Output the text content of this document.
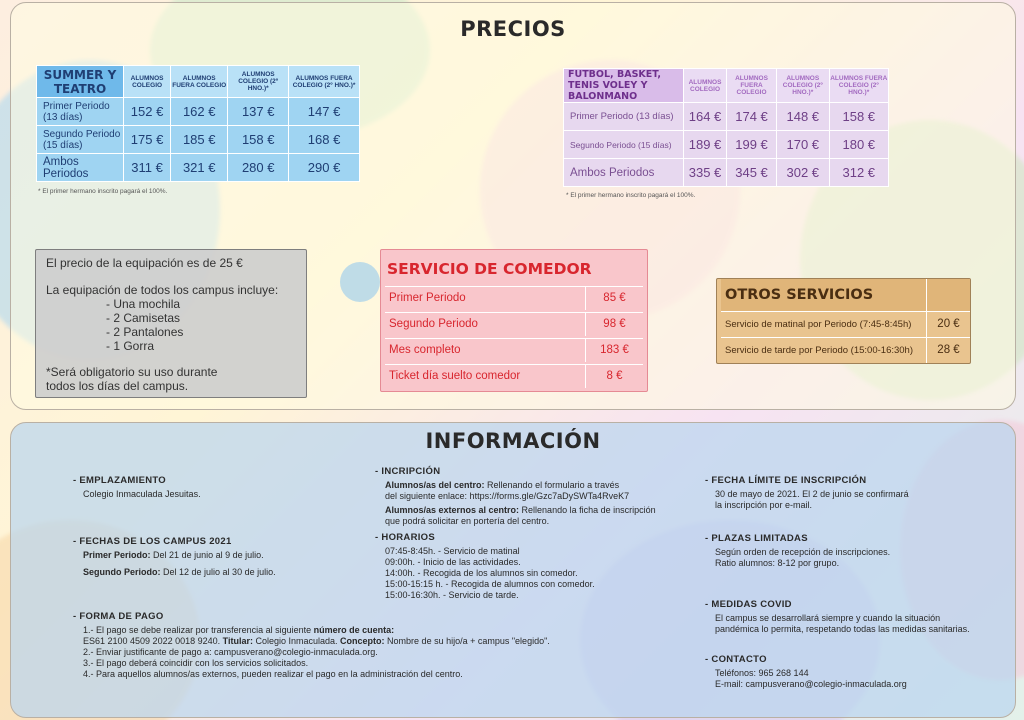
PRECIOS
SUMMER Y TEATRO	ALUMNOS COLEGIO	ALUMNOS FUERA COLEGIO	ALUMNOS COLEGIO (2º HNO.)*	ALUMNOS FUERA COLEGIO (2º HNO.)*
Primer Periodo (13 días)	152 €	162 €	137 €	147 €
Segundo Periodo (15 días)	175 €	185 €	158 €	168 €
Ambos Periodos	311 €	321 €	280 €	290 €
* El primer hermano inscrito pagará el 100%.
FUTBOL, BASKET, TENIS VOLEY Y BALONMANO	ALUMNOS COLEGIO	ALUMNOS FUERA COLEGIO	ALUMNOS COLEGIO (2º HNO.)*	ALUMNOS FUERA COLEGIO (2º HNO.)*
Primer Periodo (13 días)	164 €	174 €	148 €	158 €
Segundo Periodo (15 días)	189 €	199 €	170 €	180 €
Ambos Periodos	335 €	345 €	302 €	312 €
* El primer hermano inscrito pagará el 100%.

El precio de la equipación es de 25 €

La equipación de todos los campus incluye:

- Una mochila

- 2 Camisetas

- 2 Pantalones

- 1 Gorra

*Será obligatorio su uso durante

todos los días del campus.

SERVICIO DE COMEDOR
Primer Periodo	85 €
Segundo Periodo	98 €
Mes completo	183 €
Ticket día suelto comedor	8 €
OTROS SERVICIOS
Servicio de matinal por Periodo (7:45-8:45h)	20 €
Servicio de tarde por Periodo (15:00-16:30h)	28 €
INFORMACIÓN

- EMPLAZAMIENTO

Colegio Inmaculada Jesuitas.

- FECHAS DE LOS CAMPUS 2021

Primer Periodo: Del 21 de junio al 9 de julio.

Segundo Periodo: Del 12 de julio al 30 de julio.

- FORMA DE PAGO

1.- El pago se debe realizar por transferencia al siguiente número de cuenta:

ES61 2100 4509 2022 0018 9240. Titular: Colegio Inmaculada. Concepto: Nombre de su hijo/a + campus "elegido".

2.- Enviar justificante de pago a: campusverano@colegio-inmaculada.org.

3.- El pago deberá coincidir con los servicios solicitados.

4.- Para aquellos alumnos/as externos, pueden realizar el pago en la administración del centro.

- INCRIPCIÓN

Alumnos/as del centro: Rellenando el formulario a través

del siguiente enlace: https://forms.gle/Gzc7aDySWTa4RveK7

Alumnos/as externos al centro: Rellenando la ficha de inscripción

que podrá solicitar en portería del centro.

- HORARIOS

07:45-8:45h. - Servicio de matinal

09:00h. - Inicio de las actividades.

14:00h. - Recogida de los alumnos sin comedor.

15:00-15:15 h. - Recogida de alumnos con comedor.

15:00-16:30h. - Servicio de tarde.

- FECHA LÍMITE DE INSCRIPCIÓN

30 de mayo de 2021. El 2 de junio se confirmará

la inscripción por e-mail.

- PLAZAS LIMITADAS

Según orden de recepción de inscripciones.

Ratio alumnos: 8-12 por grupo.

- MEDIDAS COVID

El campus se desarrollará siempre y cuando la situación

pandémica lo permita, respetando todas las medidas sanitarias.

- CONTACTO

Teléfonos: 965 268 144

E-mail: campusverano@colegio-inmaculada.org
